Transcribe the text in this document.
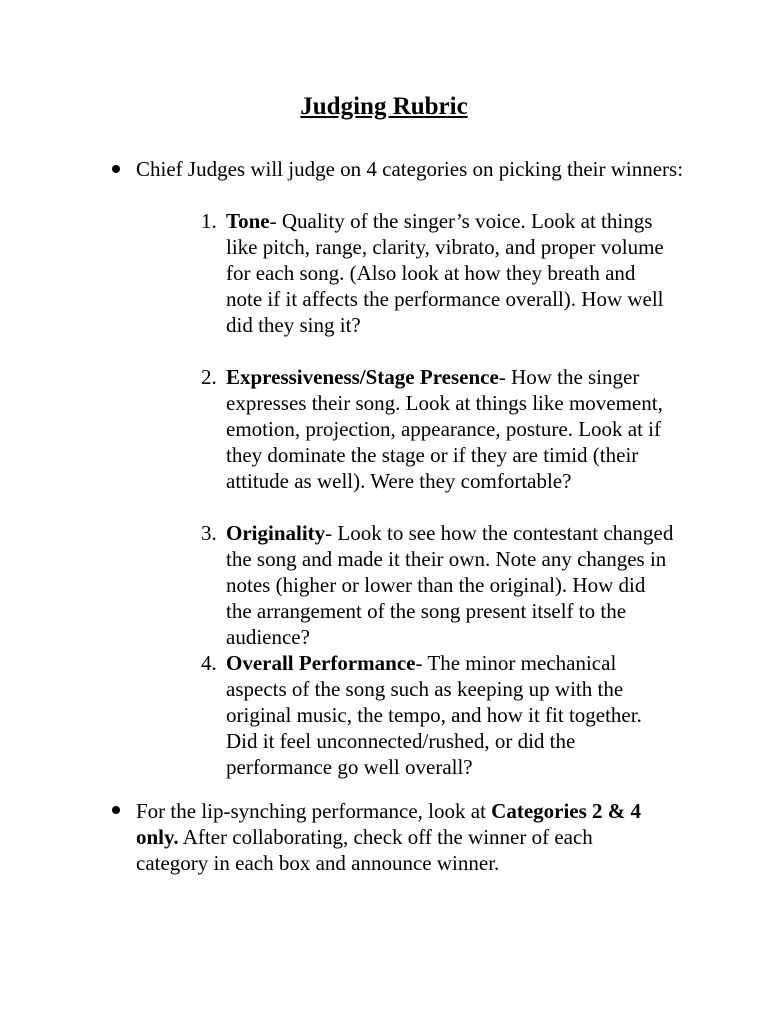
Judging Rubric
Chief Judges will judge on 4 categories on picking their winners:
1. Tone- Quality of the singer’s voice. Look at things like pitch, range, clarity, vibrato, and proper volume for each song. (Also look at how they breath and note if it affects the performance overall). How well did they sing it?
2. Expressiveness/Stage Presence- How the singer expresses their song. Look at things like movement, emotion, projection, appearance, posture. Look at if they dominate the stage or if they are timid (their attitude as well). Were they comfortable?
3. Originality- Look to see how the contestant changed the song and made it their own. Note any changes in notes (higher or lower than the original). How did the arrangement of the song present itself to the audience?
4. Overall Performance- The minor mechanical aspects of the song such as keeping up with the original music, the tempo, and how it fit together. Did it feel unconnected/rushed, or did the performance go well overall?
For the lip-synching performance, look at Categories 2 & 4 only. After collaborating, check off the winner of each category in each box and announce winner.
